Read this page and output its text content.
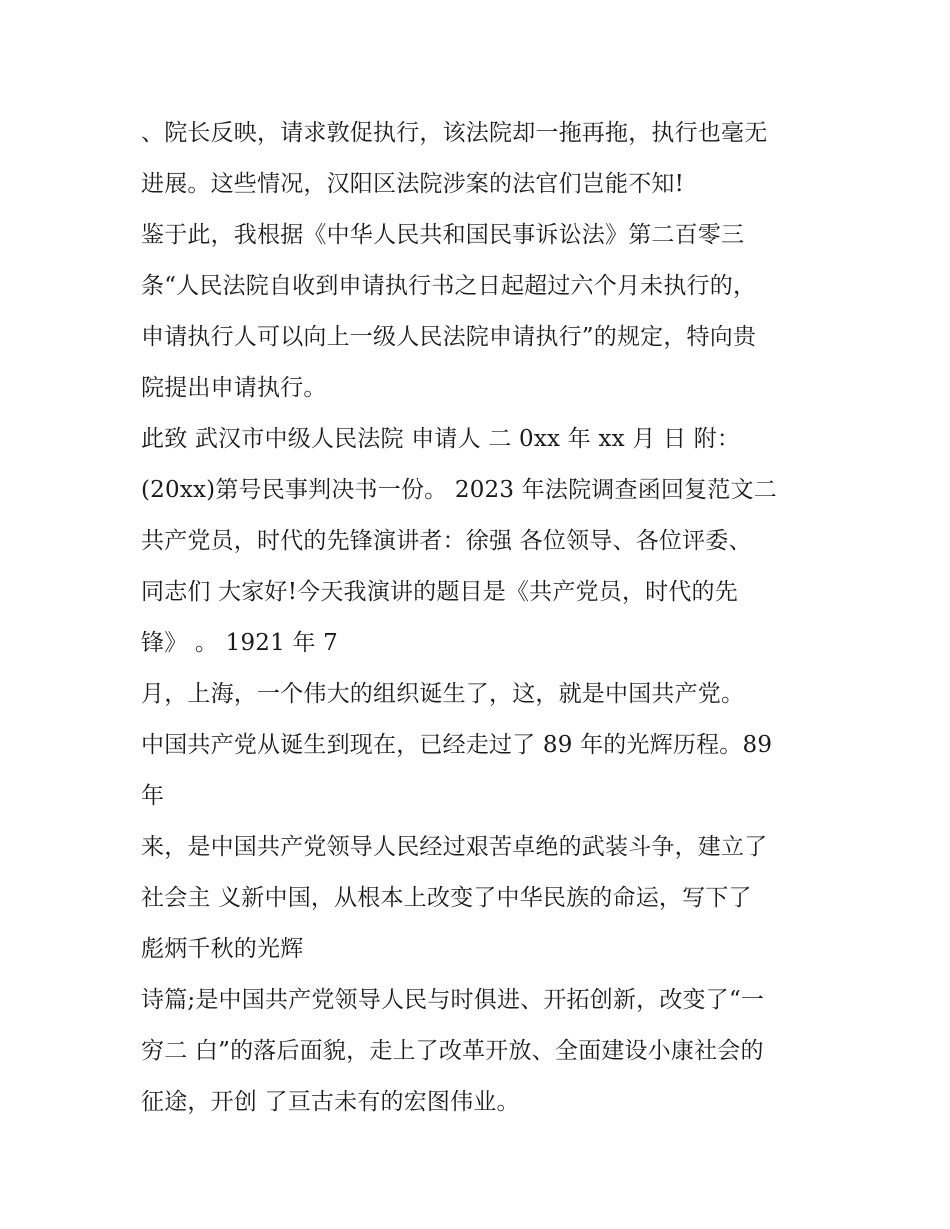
、院长反映，请求敦促执行，该法院却一拖再拖，执行也毫无
进展。这些情况，汉阳区法院涉案的法官们岂能不知!
鉴于此，我根据《中华人民共和国民事诉讼法》第二百零三
条“人民法院自收到申请执行书之日起超过六个月未执行的，
申请执行人可以向上一级人民法院申请执行”的规定，特向贵
院提出申请执行。
此致 武汉市中级人民法院 申请人 二 0xx 年 xx 月 日 附：
(20xx)第号民事判决书一份。 2023 年法院调查函回复范文二
共产党员，时代的先锋演讲者：徐强 各位领导、各位评委、
同志们 大家好!今天我演讲的题目是《共产党员，时代的先
锋》 。 1921 年 7
月，上海，一个伟大的组织诞生了，这，就是中国共产党。
中国共产党从诞生到现在，已经走过了 89 年的光辉历程。89
年
来，是中国共产党领导人民经过艰苦卓绝的武装斗争，建立了
社会主 义新中国，从根本上改变了中华民族的命运，写下了
彪炳千秋的光辉
诗篇;是中国共产党领导人民与时俱进、开拓创新，改变了“一
穷二 白”的落后面貌，走上了改革开放、全面建设小康社会的
征途，开创 了亘古未有的宏图伟业。
